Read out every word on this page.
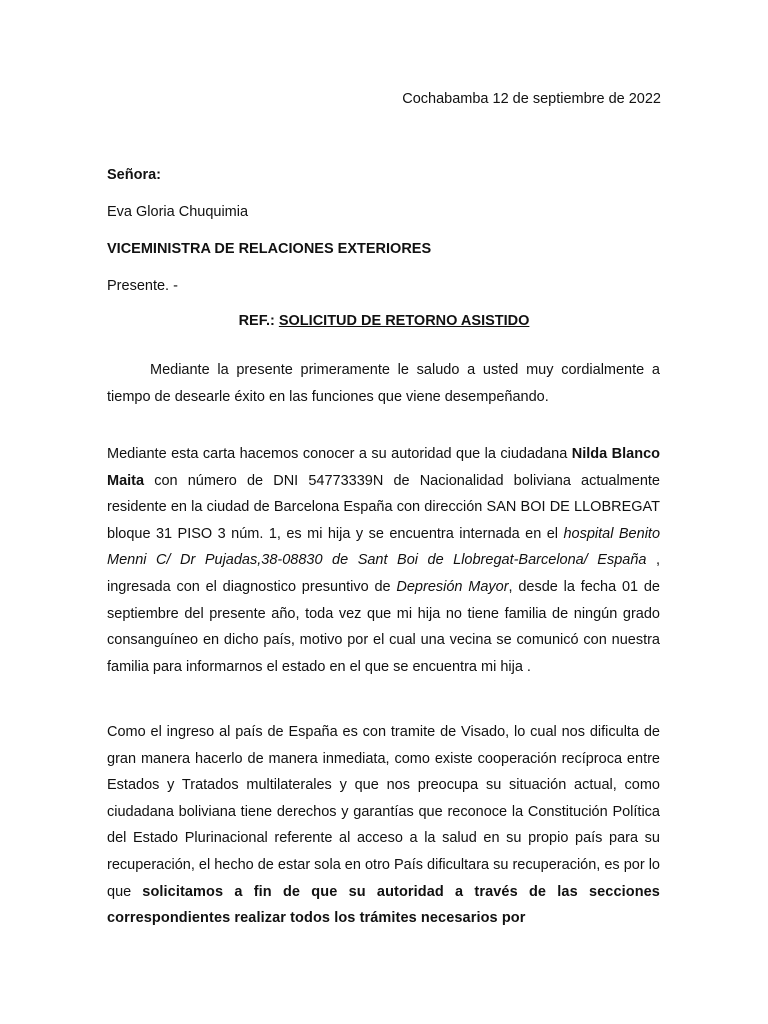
Cochabamba 12 de septiembre de 2022
Señora:
Eva Gloria Chuquimia
VICEMINISTRA DE RELACIONES EXTERIORES
Presente. -
REF.: SOLICITUD DE RETORNO ASISTIDO

Mediante la presente primeramente le saludo a usted muy cordialmente a tiempo de desearle éxito en las funciones que viene desempeñando.

Mediante esta carta hacemos conocer a su autoridad que la ciudadana Nilda Blanco Maita con número de DNI 54773339N de Nacionalidad boliviana actualmente residente en la ciudad de Barcelona España con dirección SAN BOI DE LLOBREGAT bloque 31 PISO 3 núm. 1, es mi hija y se encuentra internada en el hospital Benito Menni C/ Dr Pujadas,38-08830 de Sant Boi de Llobregat-Barcelona/ España , ingresada con el diagnostico presuntivo de Depresión Mayor, desde la fecha 01 de septiembre del presente año, toda vez que mi hija no tiene familia de ningún grado consanguíneo en dicho país, motivo por el cual una vecina se comunicó con nuestra familia para informarnos el estado en el que se encuentra mi hija .

Como el ingreso al país de España es con tramite de Visado, lo cual nos dificulta de gran manera hacerlo de manera inmediata, como existe cooperación recíproca entre Estados y Tratados multilaterales y que nos preocupa su situación actual, como ciudadana boliviana tiene derechos y garantías que reconoce la Constitución Política del Estado Plurinacional referente al acceso a la salud en su propio país para su recuperación, el hecho de estar sola en otro País dificultara su recuperación, es por lo que solicitamos a fin de que su autoridad a través de las secciones correspondientes realizar todos los trámites necesarios por
